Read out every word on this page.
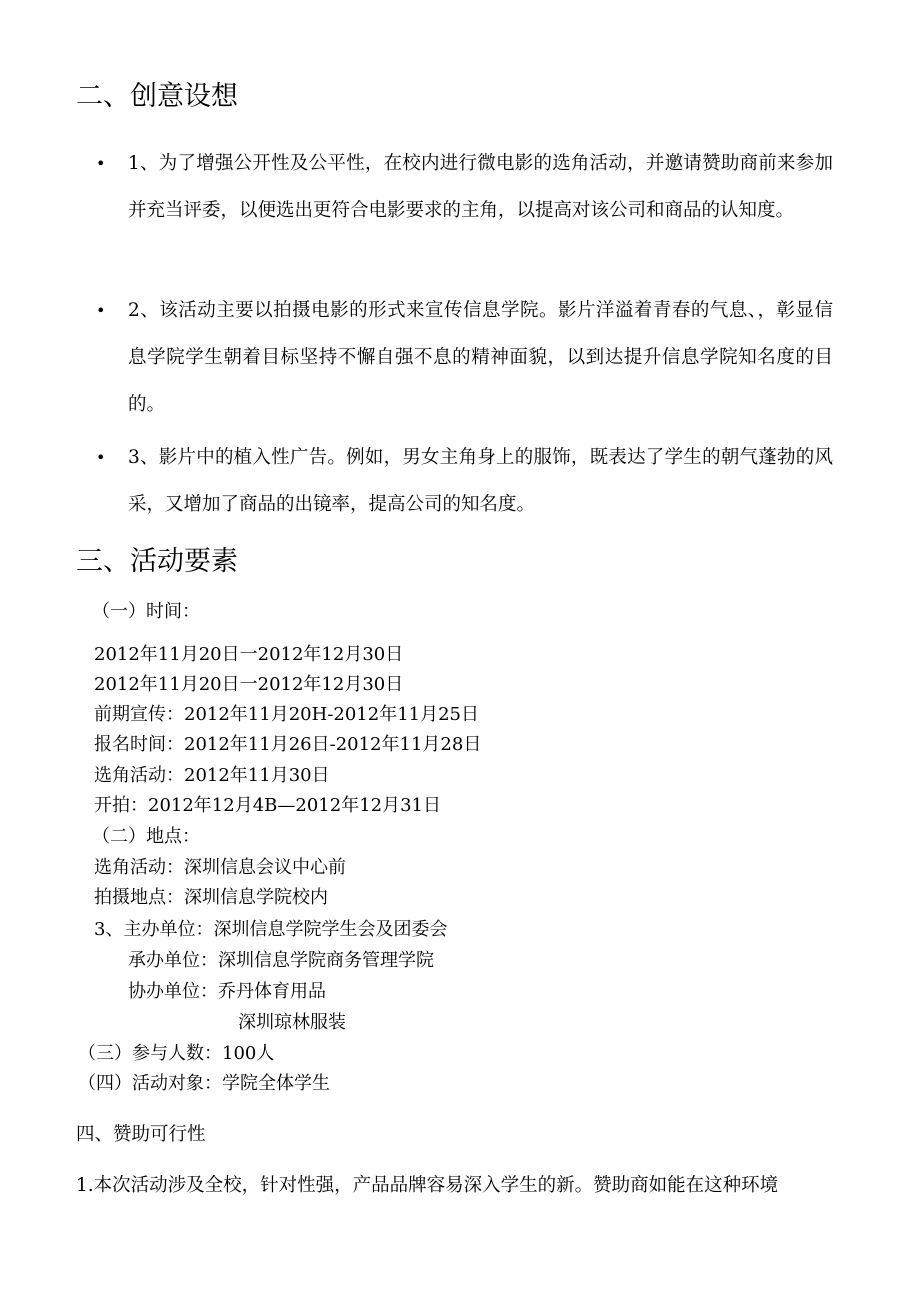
二、创意设想
• 1、为了增强公开性及公平性，在校内进行微电影的选角活动，并邀请赞助商前来参加并充当评委，以便选出更符合电影要求的主角，以提高对该公司和商品的认知度。
• 2、该活动主要以拍摄电影的形式来宣传信息学院。影片洋溢着青春的气息、，彰显信息学院学生朝着目标坚持不懈自强不息的精神面貌，以到达提升信息学院知名度的目的。
• 3、影片中的植入性广告。例如，男女主角身上的服饰，既表达了学生的朝气蓬勃的风采，又增加了商品的出镜率，提高公司的知名度。
三、活动要素
（一）时间：
2012年11月20日一2012年12月30日
2012年11月20日一2012年12月30日
前期宣传：2012年11月20H-2012年11月25日
报名时间：2012年11月26日-2012年11月28日
选角活动：2012年11月30日
开拍：2012年12月4B—2012年12月31日
（二）地点：
选角活动：深圳信息会议中心前
拍摄地点：深圳信息学院校内
3、主办单位：深圳信息学院学生会及团委会
承办单位：深圳信息学院商务管理学院
协办单位：乔丹体育用品
深圳琼林服装
（三）参与人数：100人
（四）活动对象：学院全体学生
四、赞助可行性
1.本次活动涉及全校，针对性强，产品品牌容易深入学生的新。赞助商如能在这种环境
